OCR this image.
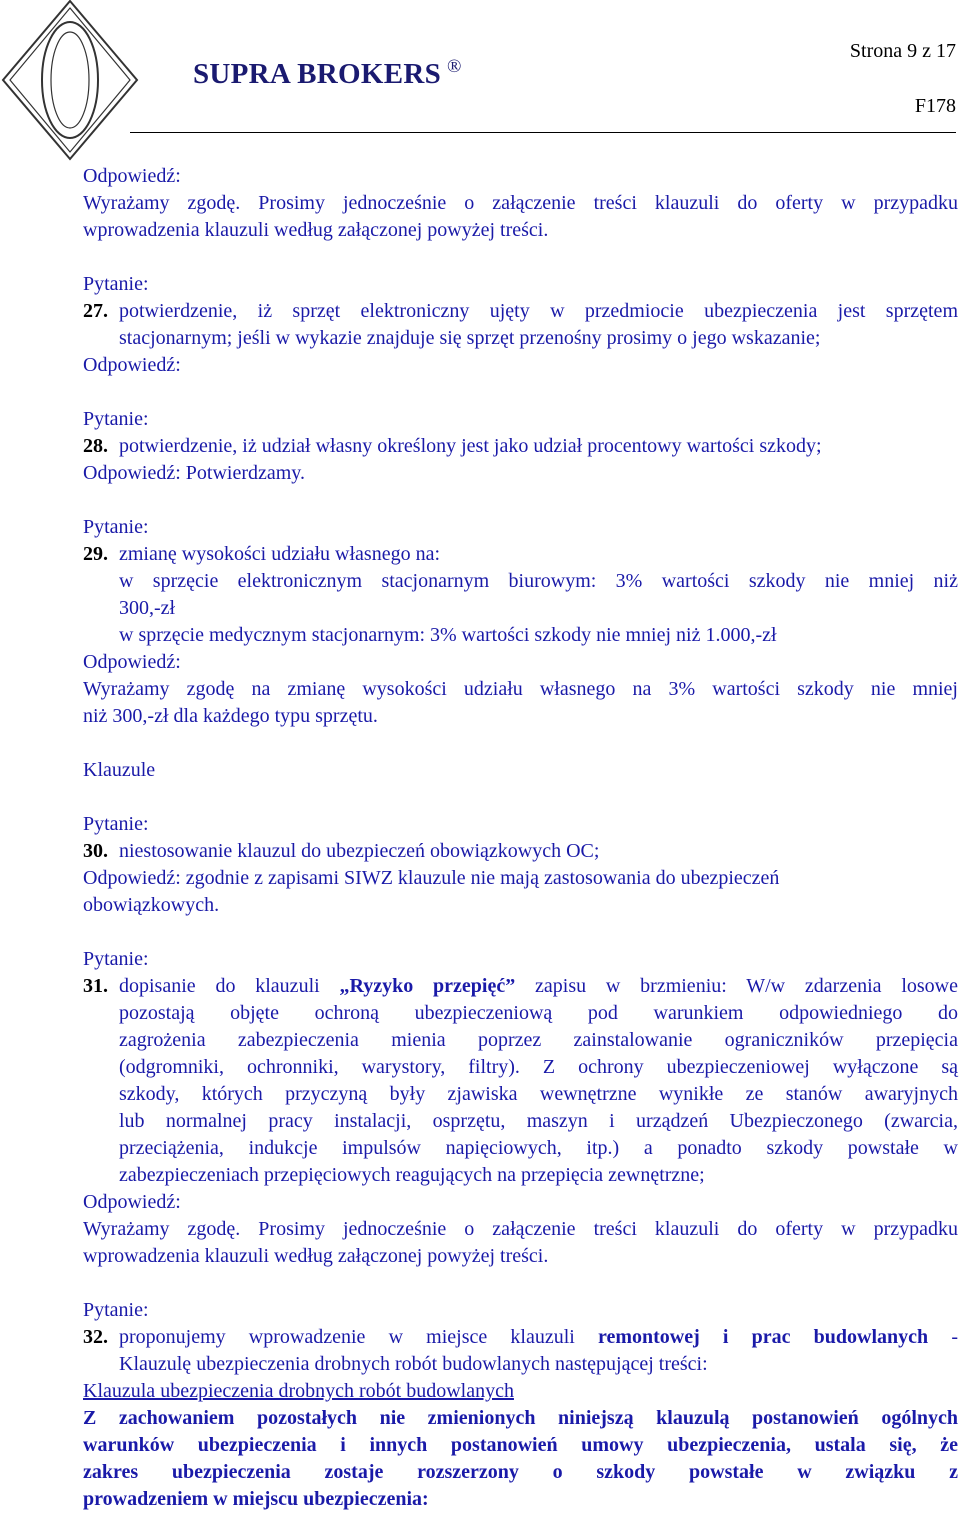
SUPRA BROKERS ®
Strona 9 z 17
F178
Odpowiedź:
Wyrażamy zgodę. Prosimy jednocześnie o załączenie treści klauzuli do oferty w przypadku
wprowadzenia klauzuli według załączonej powyżej treści.
Pytanie:
27. potwierdzenie, iż sprzęt elektroniczny ujęty w przedmiocie ubezpieczenia jest sprzętem
stacjonarnym; jeśli w wykazie znajduje się sprzęt przenośny prosimy o jego wskazanie;
Odpowiedź:
Pytanie:
28. potwierdzenie, iż udział własny określony jest jako udział procentowy wartości szkody;
Odpowiedź: Potwierdzamy.
Pytanie:
29. zmianę wysokości udziału własnego na:
w sprzęcie elektronicznym stacjonarnym biurowym: 3% wartości szkody nie mniej niż
300,-zł
w sprzęcie medycznym stacjonarnym: 3% wartości szkody nie mniej niż 1.000,-zł
Odpowiedź:
Wyrażamy zgodę na zmianę wysokości udziału własnego na 3% wartości szkody nie mniej
niż 300,-zł dla każdego typu sprzętu.
Klauzule
Pytanie:
30. niestosowanie klauzul do ubezpieczeń obowiązkowych OC;
Odpowiedź: zgodnie z zapisami SIWZ klauzule nie mają zastosowania do ubezpieczeń
obowiązkowych.
Pytanie:
31. dopisanie do klauzuli „Ryzyko przepięć” zapisu w brzmieniu: W/w zdarzenia losowe
pozostają objęte ochroną ubezpieczeniową pod warunkiem odpowiedniego do
zagrożenia zabezpieczenia mienia poprzez zainstalowanie ograniczników przepięcia
(odgromniki, ochronniki, warystory, filtry). Z ochrony ubezpieczeniowej wyłączone są
szkody, których przyczyną były zjawiska wewnętrzne wynikłe ze stanów awaryjnych
lub normalnej pracy instalacji, osprzętu, maszyn i urządzeń Ubezpieczonego (zwarcia,
przeciążenia, indukcje impulsów napięciowych, itp.) a ponadto szkody powstałe w
zabezpieczeniach przepięciowych reagujących na przepięcia zewnętrzne;
Odpowiedź:
Wyrażamy zgodę. Prosimy jednocześnie o załączenie treści klauzuli do oferty w przypadku
wprowadzenia klauzuli według załączonej powyżej treści.
Pytanie:
32. proponujemy wprowadzenie w miejsce klauzuli remontowej i prac budowlanych -
Klauzulę ubezpieczenia drobnych robót budowlanych następującej treści:
Klauzula ubezpieczenia drobnych robót budowlanych
Z zachowaniem pozostałych nie zmienionych niniejszą klauzulą postanowień ogólnych
warunków ubezpieczenia i innych postanowień umowy ubezpieczenia, ustala się, że
zakres ubezpieczenia zostaje rozszerzony o szkody powstałe w związku z
prowadzeniem w miejscu ubezpieczenia:
